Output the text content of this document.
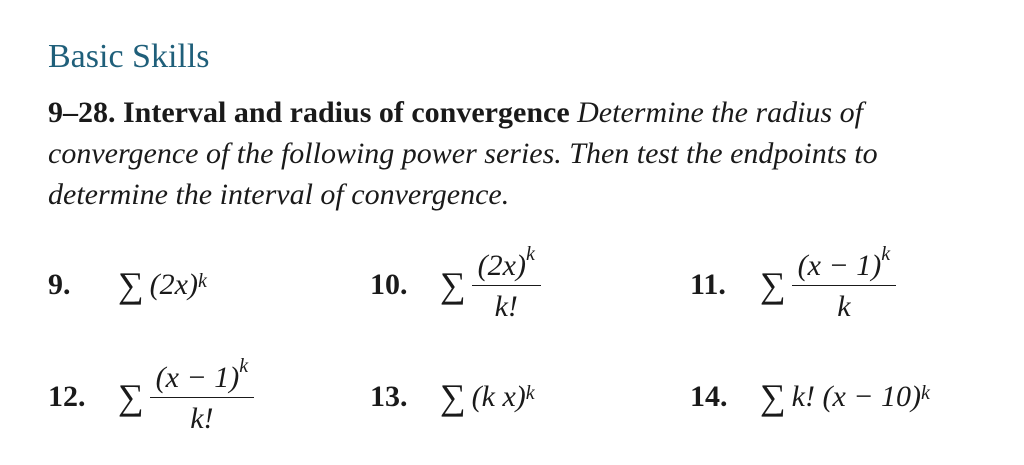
Basic Skills

9–28. Interval and radius of convergence Determine the radius of convergence of the following power series. Then test the endpoints to determine the interval of convergence.

9.	∑ $(2x)^k$	10. ∑ $\frac{(2x)^k}{k!}$	11. ∑ $\frac{(x - 1)^k}{k}$
12. ∑ $\frac{(x - 1)^k}{k!}$	13. ∑ (k x)$^k$	14. ∑ k! $(x - 10)^k$
